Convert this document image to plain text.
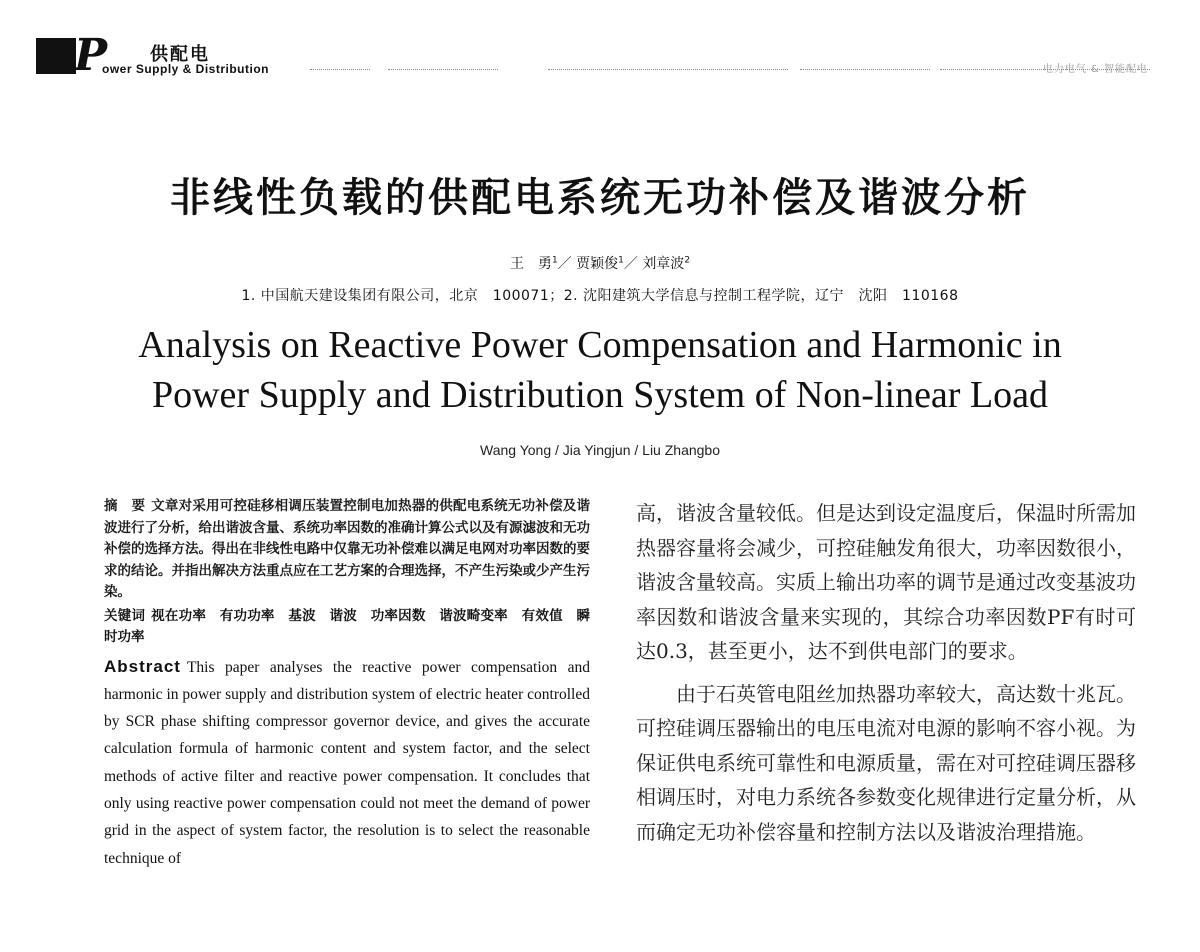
P 供配电
ower Supply & Distribution	电力电气 & 智能配电
非线性负载的供配电系统无功补偿及谐波分析
王　勇$^1$／ 贾颖俊$^1$／ 刘章波$^2$
1. 中国航天建设集团有限公司，北京　100071；2. 沈阳建筑大学信息与控制工程学院，辽宁　沈阳　110168
Analysis on Reactive Power Compensation and Harmonic in
Power Supply and Distribution System of Non-linear Load
Wang Yong / Jia Yingjun / Liu Zhangbo
摘　要 文章对采用可控硅移相调压装置控制电加热器的供配电系统无功补偿及谐波进行了分析，给出谐波含量、系统功率因数的准确计算公式以及有源滤波和无功补偿的选择方法。得出在非线性电路中仅靠无功补偿难以满足电网对功率因数的要求的结论。并指出解决方法重点应在工艺方案的合理选择，不产生污染或少产生污染。
关键词 视在功率　有功功率　基波　谐波　功率因数　谐波畸变率　有效值　瞬时功率
Abstract This paper analyses the reactive power compensation and harmonic in power supply and distribution system of electric heater controlled by SCR phase shifting compressor governor device, and gives the accurate calculation formula of harmonic content and system factor, and the select methods of active filter and reactive power compensation. It concludes that only using reactive power compensation could not meet the demand of power grid in the aspect of system factor, the resolution is to select the reasonable technique of

高，谐波含量较低。但是达到设定温度后，保温时所需加热器容量将会减少，可控硅触发角很大，功率因数很小，谐波含量较高。实质上输出功率的调节是通过改变基波功率因数和谐波含量来实现的，其综合功率因数PF有时可达0.3，甚至更小，达不到供电部门的要求。

由于石英管电阻丝加热器功率较大，高达数十兆瓦。可控硅调压器输出的电压电流对电源的影响不容小视。为保证供电系统可靠性和电源质量，需在对可控硅调压器移相调压时，对电力系统各参数变化规律进行定量分析，从而确定无功补偿容量和控制方法以及谐波治理措施。
